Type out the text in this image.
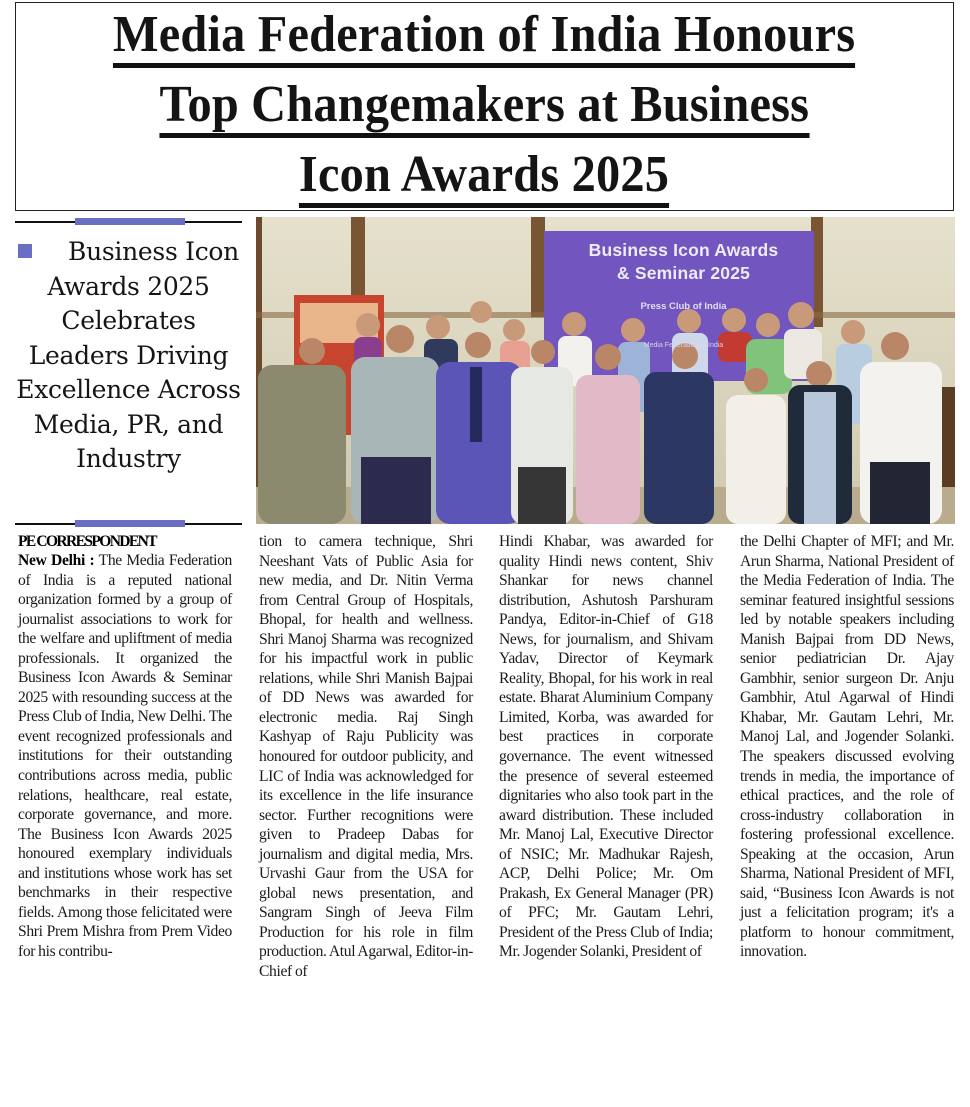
Media Federation of India Honours
Top Changemakers at Business
Icon Awards 2025
Business Icon Awards 2025 Celebrates Leaders Driving Excellence Across Media, PR, and Industry
Business Icon Awards
& Seminar 2025
Press Club of India
Media Federation of India
PE CORRESPONDENT

New Delhi : The Media Federation of India is a reputed national organization formed by a group of journalist associations to work for the welfare and upliftment of media professionals. It organized the Business Icon Awards & Seminar 2025 with resounding success at the Press Club of India, New Delhi. The event recognized professionals and institutions for their outstanding contributions across media, public relations, healthcare, real estate, corporate governance, and more. The Business Icon Awards 2025 honoured exemplary individuals and institutions whose work has set benchmarks in their respective fields. Among those felicitated were Shri Prem Mishra from Prem Video for his contribu-

tion to camera technique, Shri Neeshant Vats of Public Asia for new media, and Dr. Nitin Verma from Central Group of Hospitals, Bhopal, for health and wellness. Shri Manoj Sharma was recognized for his impactful work in public relations, while Shri Manish Bajpai of DD News was awarded for electronic media. Raj Singh Kashyap of Raju Publicity was honoured for outdoor publicity, and LIC of India was acknowledged for its excellence in the life insurance sector. Further recognitions were given to Pradeep Dabas for journalism and digital media, Mrs. Urvashi Gaur from the USA for global news presentation, and Sangram Singh of Jeeva Film Production for his role in film production. Atul Agarwal, Editor-in-Chief of

Hindi Khabar, was awarded for quality Hindi news content, Shiv Shankar for news channel distribution, Ashutosh Parshuram Pandya, Editor-in-Chief of G18 News, for journalism, and Shivam Yadav, Director of Keymark Reality, Bhopal, for his work in real estate. Bharat Aluminium Company Limited, Korba, was awarded for best practices in corporate governance. The event witnessed the presence of several esteemed dignitaries who also took part in the award distribution. These included Mr. Manoj Lal, Executive Director of NSIC; Mr. Madhukar Rajesh, ACP, Delhi Police; Mr. Om Prakash, Ex General Manager (PR) of PFC; Mr. Gautam Lehri, President of the Press Club of India; Mr. Jogender Solanki, President of

the Delhi Chapter of MFI; and Mr. Arun Sharma, National President of the Media Federation of India. The seminar featured insightful sessions led by notable speakers including Manish Bajpai from DD News, senior pediatrician Dr. Ajay Gambhir, senior surgeon Dr. Anju Gambhir, Atul Agarwal of Hindi Khabar, Mr. Gautam Lehri, Mr. Manoj Lal, and Jogender Solanki. The speakers discussed evolving trends in media, the importance of ethical practices, and the role of cross-industry collaboration in fostering professional excellence. Speaking at the occasion, Arun Sharma, National President of MFI, said, “Business Icon Awards is not just a felicitation program; it's a platform to honour commitment, innovation.
